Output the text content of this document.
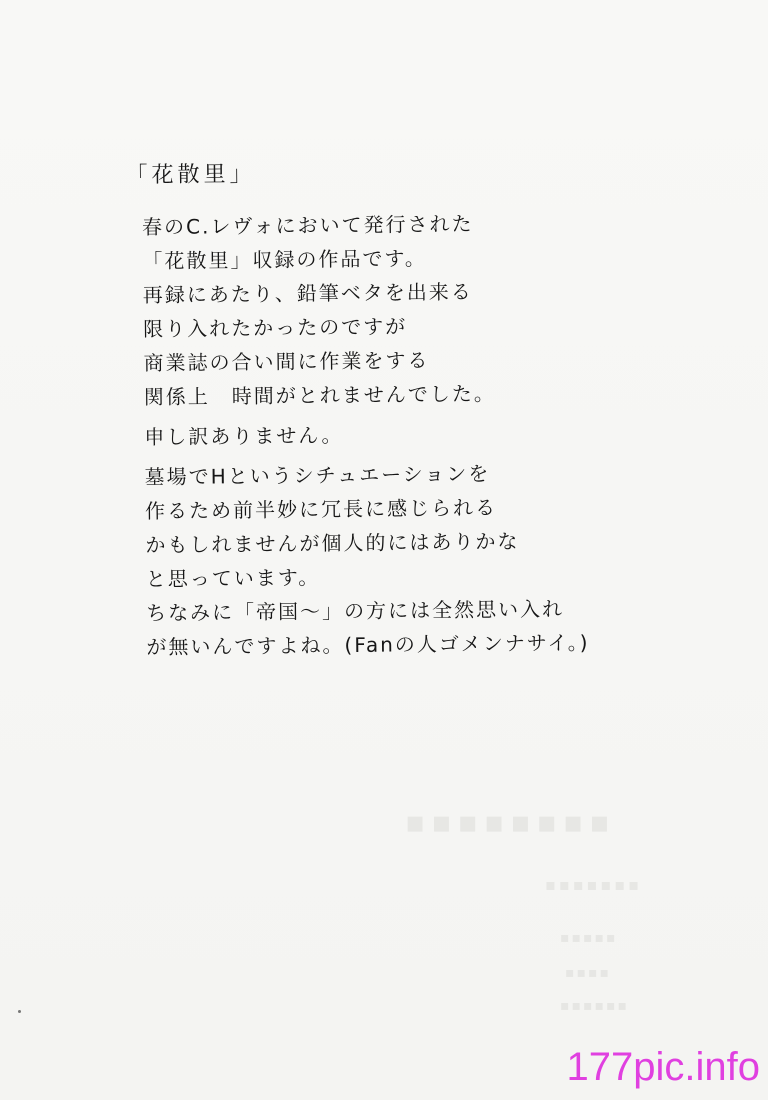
▪▪▪▪▪▪▪▪
▪▪▪▪▪▪▪
▪▪▪▪▪
▪▪▪▪
▪▪▪▪▪▪
「花散里」
春のC.レヴォにおいて発行された
「花散里」収録の作品です。
再録にあたり、鉛筆ベタを出来る
限り入れたかったのですが
商業誌の合い間に作業をする
関係上　時間がとれませんでした。
申し訳ありません。
墓場でHというシチュエーションを
作るため前半妙に冗長に感じられる
かもしれませんが個人的にはありかな
と思っています。
ちなみに「帝国～」の方には全然思い入れ
が無いんですよね。(Fanの人ゴメンナサイ。)
177pic.info
